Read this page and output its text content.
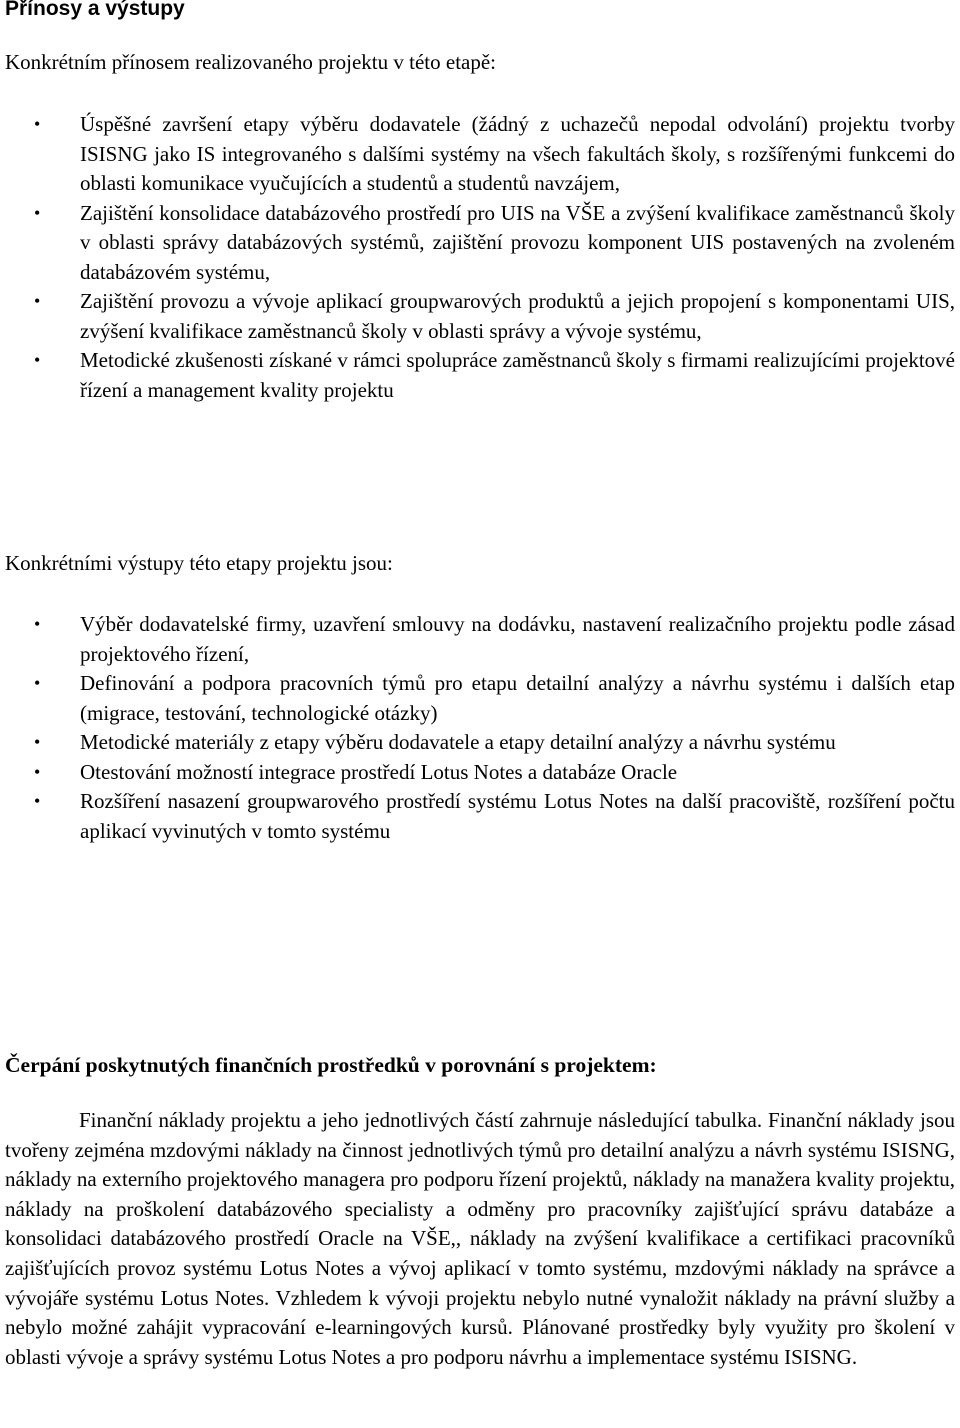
Přínosy a výstupy

Konkrétním přínosem realizovaného projektu v této etapě:

•	Úspěšné završení etapy výběru dodavatele (žádný z uchazečů nepodal odvolání) projektu tvorby ISISNG jako IS integrovaného s dalšími systémy na všech fakultách školy, s rozšířenými funkcemi do oblasti komunikace vyučujících a studentů a studentů navzájem,
•	Zajištění konsolidace databázového prostředí pro UIS na VŠE a zvýšení kvalifikace zaměstnanců školy v oblasti správy databázových systémů, zajištění provozu komponent UIS postavených na zvoleném databázovém systému,
•	Zajištění provozu a vývoje aplikací groupwarových produktů a jejich propojení s komponentami UIS, zvýšení kvalifikace zaměstnanců školy v oblasti správy a vývoje systému,
•	Metodické zkušenosti získané v rámci spolupráce zaměstnanců školy s firmami realizujícími projektové řízení a management kvality projektu

Konkrétními výstupy této etapy projektu jsou:

•	Výběr dodavatelské firmy, uzavření smlouvy na dodávku, nastavení realizačního projektu podle zásad projektového řízení,
•	Definování a podpora pracovních týmů pro etapu detailní analýzy a návrhu systému i dalších etap (migrace, testování, technologické otázky)
•	Metodické materiály z etapy výběru dodavatele a etapy detailní analýzy a návrhu systému
•	Otestování možností integrace prostředí Lotus Notes a databáze Oracle
•	Rozšíření nasazení groupwarového prostředí systému Lotus Notes na další pracoviště, rozšíření počtu aplikací vyvinutých v tomto systému
Čerpání poskytnutých finančních prostředků v porovnání s projektem:

Finanční náklady projektu a jeho jednotlivých částí zahrnuje následující tabulka. Finanční náklady jsou tvořeny zejména mzdovými náklady na činnost jednotlivých týmů pro detailní analýzu a návrh systému ISISNG, náklady na externího projektového managera pro podporu řízení projektů, náklady na manažera kvality projektu, náklady na proškolení databázového specialisty a odměny pro pracovníky zajišťující správu databáze a konsolidaci databázového prostředí Oracle na VŠE,, náklady na zvýšení kvalifikace a certifikaci pracovníků zajišťujících provoz systému Lotus Notes a vývoj aplikací v tomto systému, mzdovými náklady na správce a vývojáře systému Lotus Notes. Vzhledem k vývoji projektu nebylo nutné vynaložit náklady na právní služby a nebylo možné zahájit vypracování e-learningových kursů. Plánované prostředky byly využity pro školení v oblasti vývoje a správy systému Lotus Notes a pro podporu návrhu a implementace systému ISISNG.
